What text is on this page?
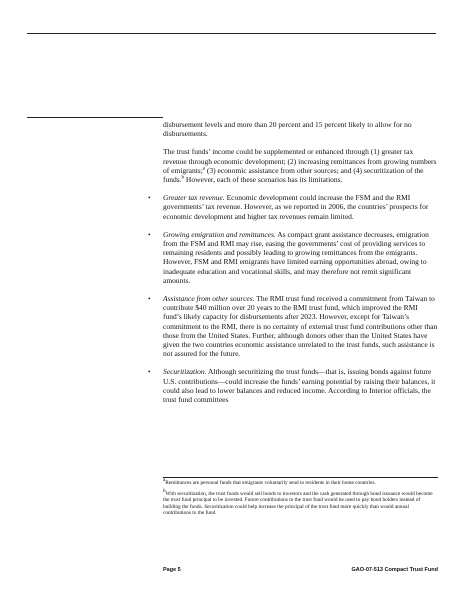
disbursement levels and more than 20 percent and 15 percent likely to allow for no disbursements.

The trust funds’ income could be supplemented or enhanced through (1) greater tax revenue through economic development; (2) increasing remittances from growing numbers of emigrants;$^a$ (3) economic assistance from other sources; and (4) securitization of the funds.$^b$ However, each of these scenarios has its limitations.

• Greater tax revenue. Economic development could increase the FSM and the RMI governments’ tax revenue. However, as we reported in 2006, the countries’ prospects for economic development and higher tax revenues remain limited.
• Growing emigration and remittances. As compact grant assistance decreases, emigration from the FSM and RMI may rise, easing the governments’ cost of providing services to remaining residents and possibly leading to growing remittances from the emigrants. However, FSM and RMI emigrants have limited earning opportunities abroad, owing to inadequate education and vocational skills, and may therefore not remit significant amounts.
• Assistance from other sources. The RMI trust fund received a commitment from Taiwan to contribute $40 million over 20 years to the RMI trust fund, which improved the RMI fund’s likely capacity for disbursements after 2023. However, except for Taiwan’s commitment to the RMI, there is no certainty of external trust fund contributions other than those from the United States. Further, although donors other than the United States have given the two countries economic assistance unrelated to the trust funds, such assistance is not assured for the future.
• Securitization. Although securitizing the trust funds—that is, issuing bonds against future U.S. contributions—could increase the funds’ earning potential by raising their balances, it could also lead to lower balances and reduced income. According to Interior officials, the trust fund committees

$^a$Remittances are personal funds that emigrants voluntarily send to residents in their home countries.

$^b$With securitization, the trust funds would sell bonds to investors and the cash generated through bond issuance would become the trust fund principal to be invested. Future contributions to the trust fund would be used to pay bond holders instead of building the funds. Securitization could help increase the principal of the trust fund more quickly than would annual contributions to the fund.

Page 5	GAO-07-513 Compact Trust Fund
